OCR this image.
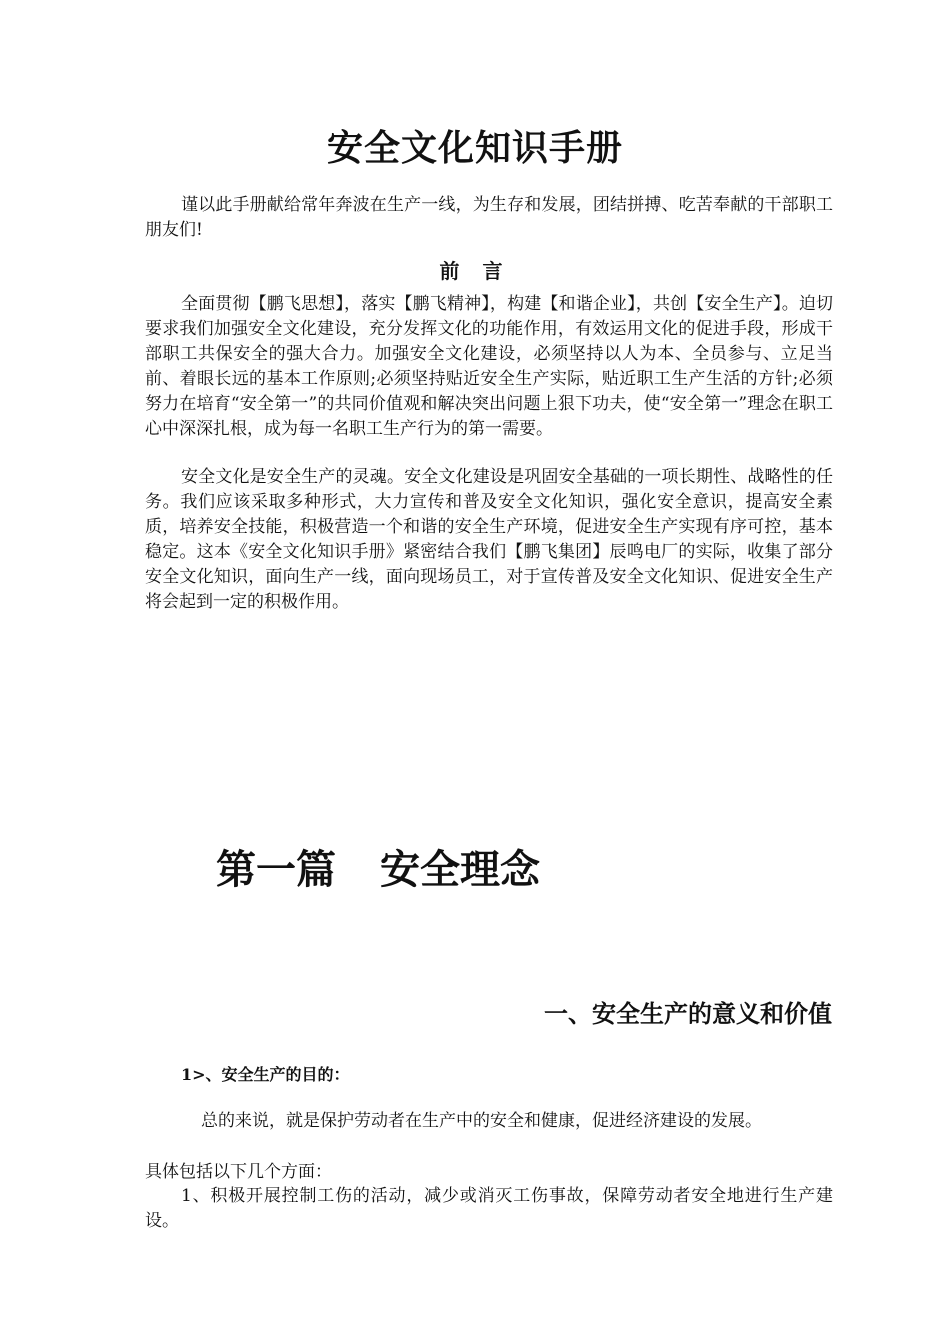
安全文化知识手册

谨以此手册献给常年奔波在生产一线，为生存和发展，团结拼搏、吃苦奉献的干部职工朋友们!

前 言

全面贯彻【鹏飞思想】，落实【鹏飞精神】，构建【和谐企业】，共创【安全生产】。迫切要求我们加强安全文化建设，充分发挥文化的功能作用，有效运用文化的促进手段，形成干部职工共保安全的强大合力。加强安全文化建设，必须坚持以人为本、全员参与、立足当前、着眼长远的基本工作原则;必须坚持贴近安全生产实际，贴近职工生产生活的方针;必须努力在培育“安全第一”的共同价值观和解决突出问题上狠下功夫，使“安全第一”理念在职工心中深深扎根，成为每一名职工生产行为的第一需要。

安全文化是安全生产的灵魂。安全文化建设是巩固安全基础的一项长期性、战略性的任务。我们应该采取多种形式，大力宣传和普及安全文化知识，强化安全意识，提高安全素质，培养安全技能，积极营造一个和谐的安全生产环境，促进安全生产实现有序可控，基本稳定。这本《安全文化知识手册》紧密结合我们【鹏飞集团】辰鸣电厂的实际，收集了部分安全文化知识，面向生产一线，面向现场员工，对于宣传普及安全文化知识、促进安全生产将会起到一定的积极作用。

第一篇 安全理念
一、安全生产的意义和价值
1>、安全生产的目的：

总的来说，就是保护劳动者在生产中的安全和健康，促进经济建设的发展。

具体包括以下几个方面：

1、积极开展控制工伤的活动，减少或消灭工伤事故，保障劳动者安全地进行生产建设。
